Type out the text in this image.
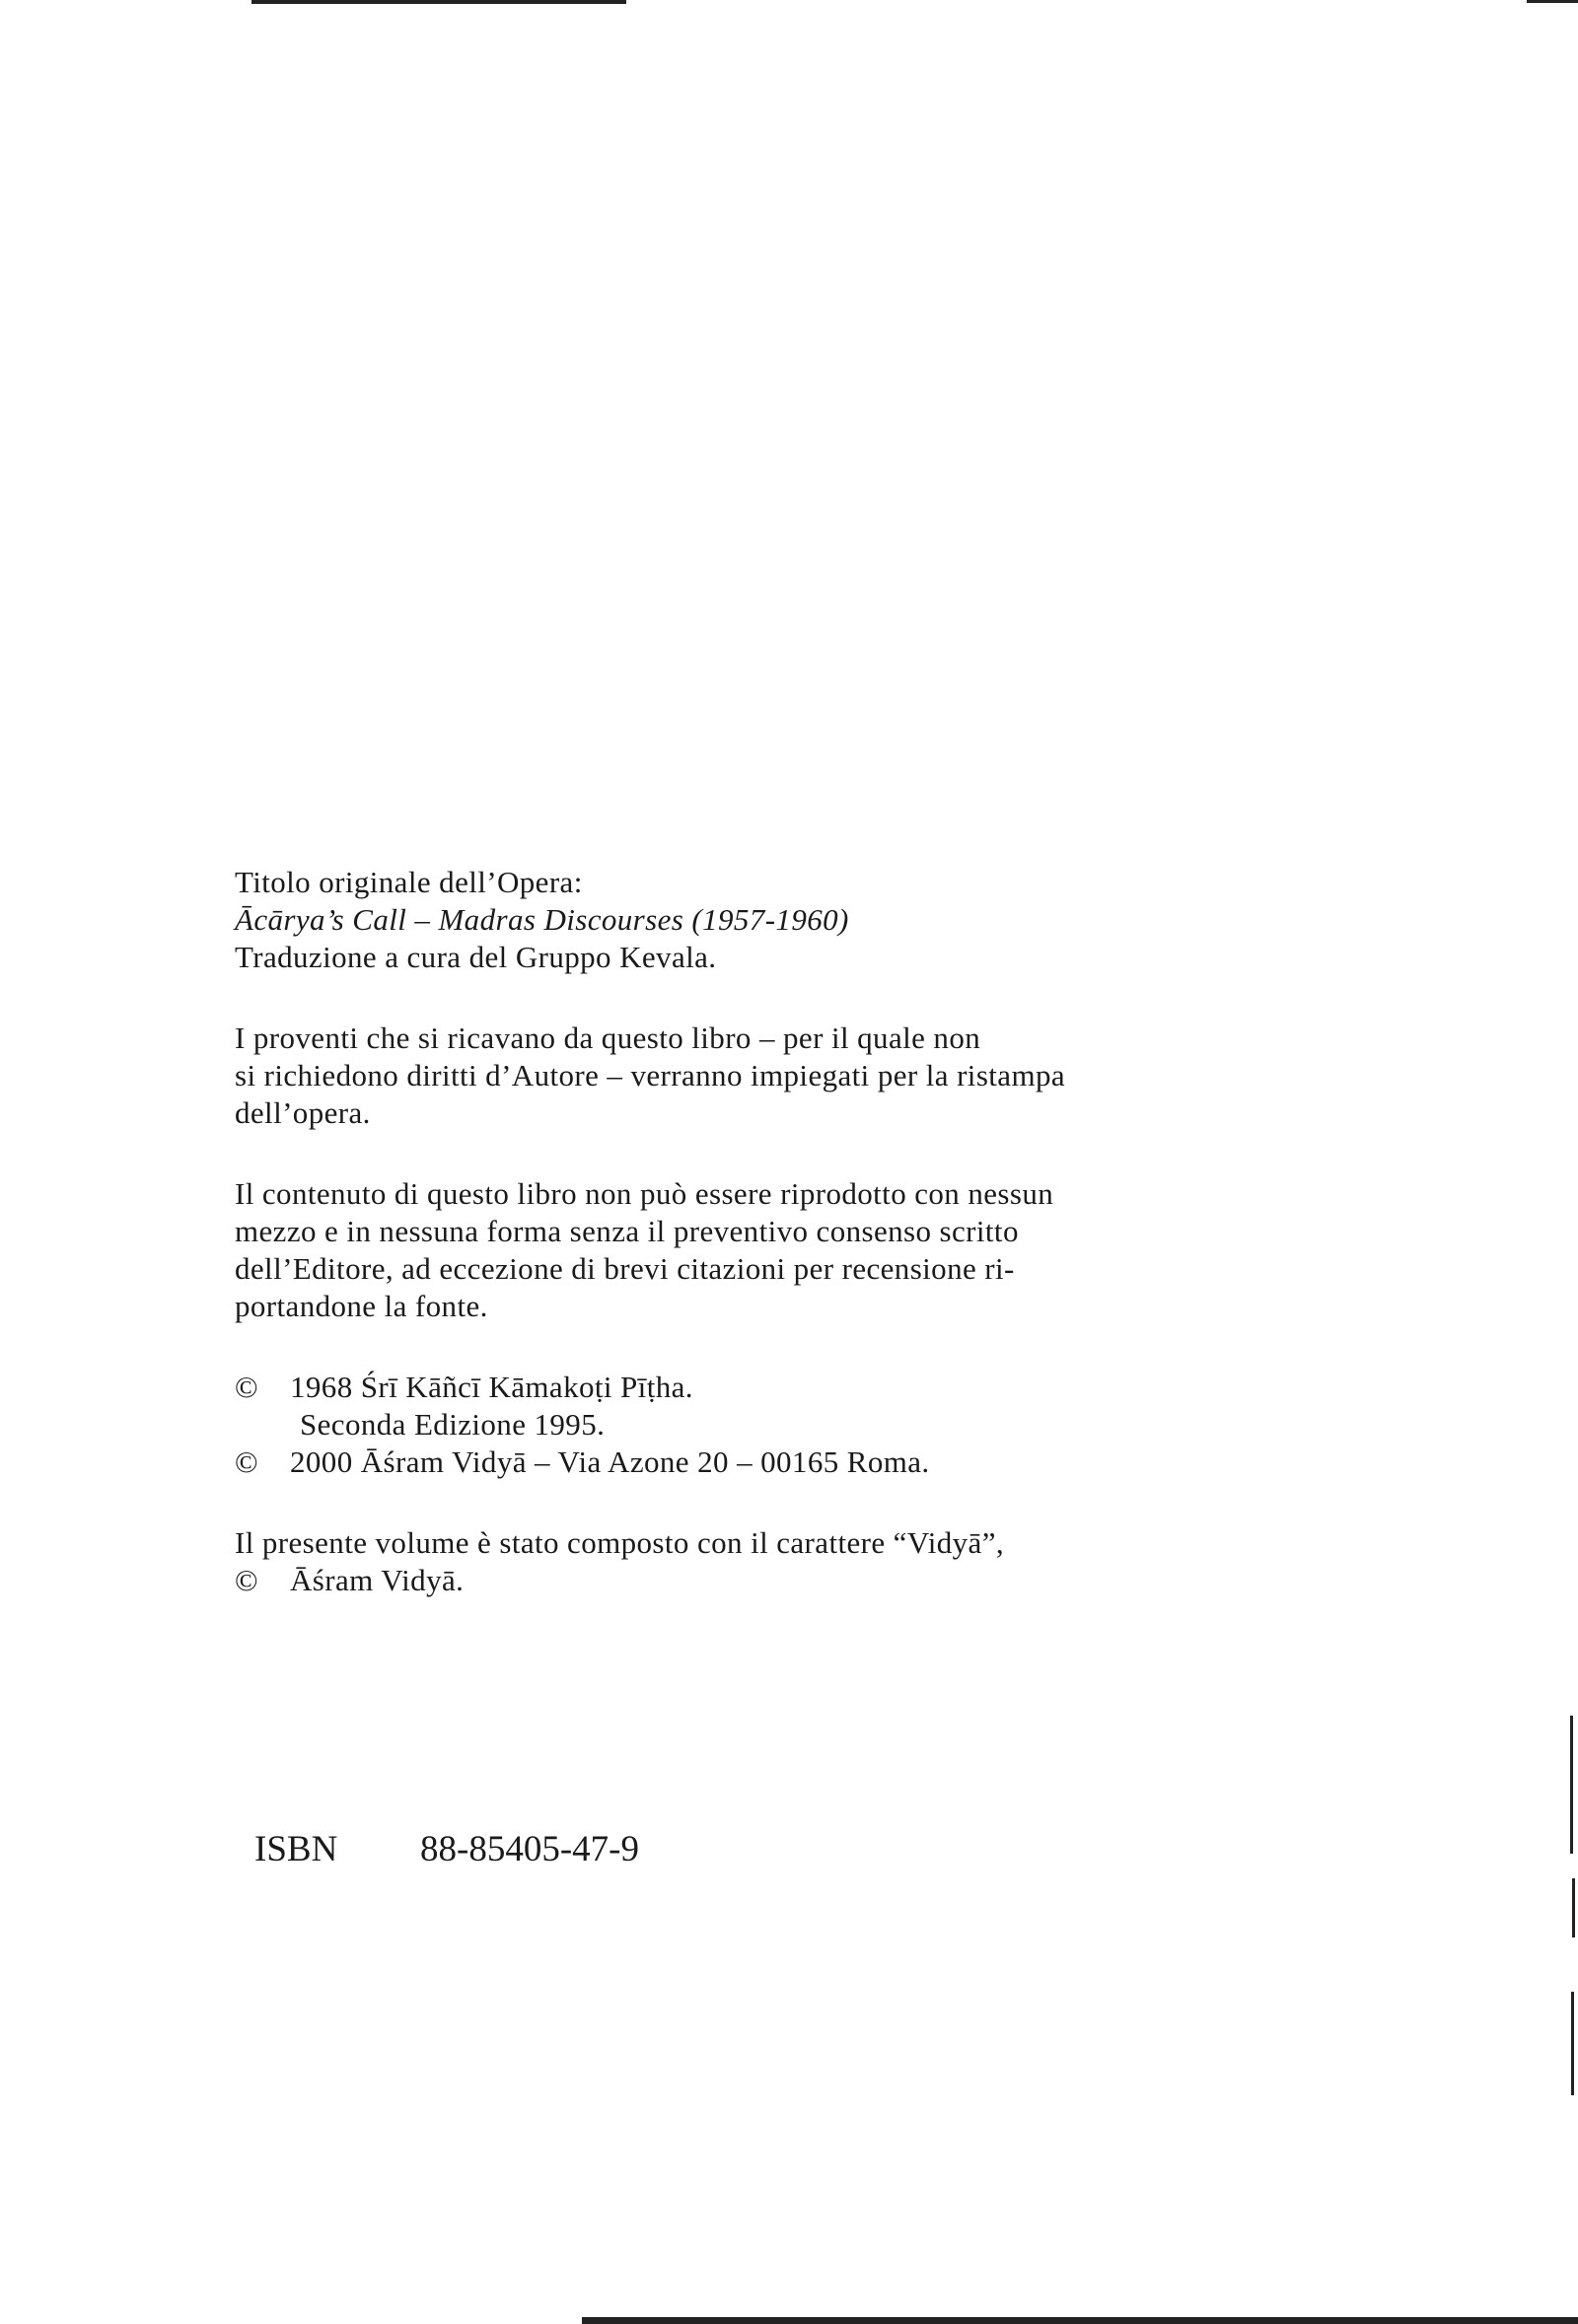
Titolo originale dell’Opera:
Ācārya’s Call – Madras Discourses (1957-1960)
Traduzione a cura del Gruppo Kevala.
I proventi che si ricavano da questo libro – per il quale non
si richiedono diritti d’Autore – verranno impiegati per la ristampa
dell’opera.
Il contenuto di questo libro non può essere riprodotto con nessun
mezzo e in nessuna forma senza il preventivo consenso scritto
dell’Editore, ad eccezione di brevi citazioni per recensione ri-
portandone la fonte.
©	1968 Śrī Kāñcī Kāmakoṭi Pīṭha.
Seconda Edizione 1995.
©	2000 Āśram Vidyā – Via Azone 20 – 00165 Roma.
Il presente volume è stato composto con il carattere “Vidyā”,
©	Āśram Vidyā.
ISBN 88-85405-47-9
